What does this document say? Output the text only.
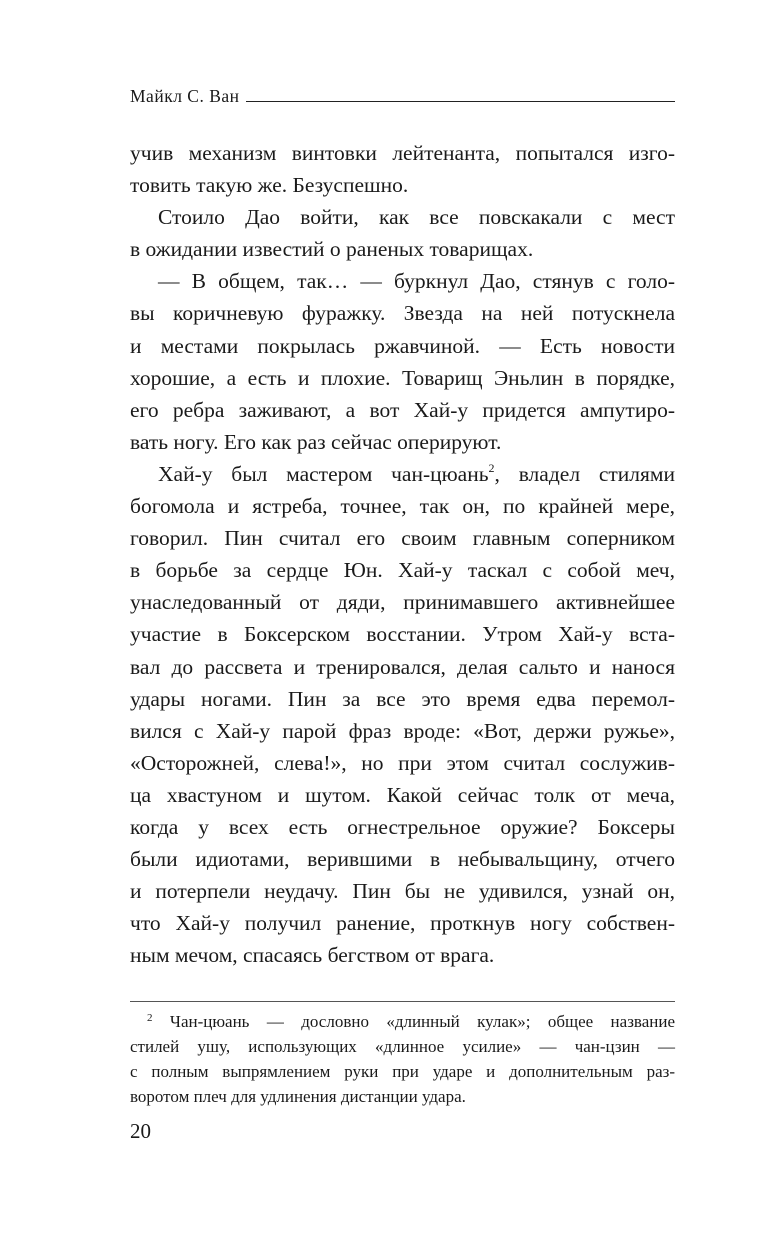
Майкл С. Ван
учив механизм винтовки лейтенанта, попытался изго-
товить такую же. Безуспешно.
Стоило Дао войти, как все повскакали с мест
в ожидании известий о раненых товарищах.
— В общем, так… — буркнул Дао, стянув с голо-
вы коричневую фуражку. Звезда на ней потускнела
и местами покрылась ржавчиной. — Есть новости
хорошие, а есть и плохие. Товарищ Эньлин в порядке,
его ребра заживают, а вот Хай-у придется ампутиро-
вать ногу. Его как раз сейчас оперируют.
Хай-у был мастером чан-цюань$^2$, владел стилями
богомола и ястреба, точнее, так он, по крайней мере,
говорил. Пин считал его своим главным соперником
в борьбе за сердце Юн. Хай-у таскал с собой меч,
унаследованный от дяди, принимавшего активнейшее
участие в Боксерском восстании. Утром Хай-у вста-
вал до рассвета и тренировался, делая сальто и нанося
удары ногами. Пин за все это время едва перемол-
вился с Хай-у парой фраз вроде: «Вот, держи ружье»,
«Осторожней, слева!», но при этом считал сослужив-
ца хвастуном и шутом. Какой сейчас толк от меча,
когда у всех есть огнестрельное оружие? Боксеры
были идиотами, верившими в небывальщину, отчего
и потерпели неудачу. Пин бы не удивился, узнай он,
что Хай-у получил ранение, проткнув ногу собствен-
ным мечом, спасаясь бегством от врага.
$^2$ Чан-цюань — дословно «длинный кулак»; общее название
стилей ушу, использующих «длинное усилие» — чан-цзин —
с полным выпрямлением руки при ударе и дополнительным раз-
воротом плеч для удлинения дистанции удара.
20
